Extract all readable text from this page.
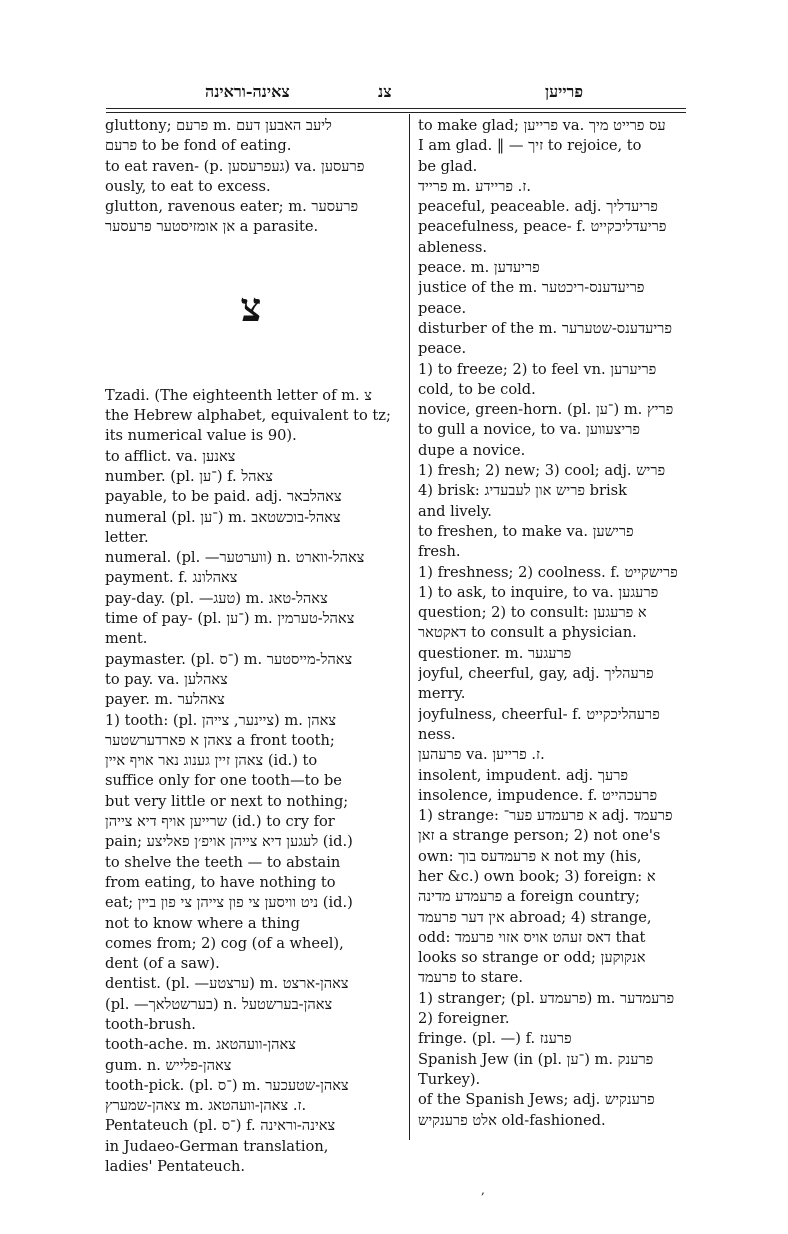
צאינה-וראינה	צנ	פרייען
gluttony; פרעם m. ליעב האבען דעם
פרעם to be fond of eating.
to eat raven- (p. געפרעסען) va. פרעסען
ously, to eat to excess.
glutton, ravenous eater; m. פרעסער
אן אומזיסטער פרעסער a parasite.
צ
Tzadi. (The eighteenth letter of m. צ
the Hebrew alphabet, equivalent to tz;
its numerical value is 90).
to afflict. va. צאנען
number. (pl. ־ען) f. צאהל
payable, to be paid. adj. צאהלבאר
numeral (pl. ־ען) m. צאהל-בוכשטאב
letter.
numeral. (pl. —ווערטער) n. צאהל-ווארט
payment. f. צאהלונג
pay-day. (pl. —טעג) m. צאהל-טאג
time of pay- (pl. ־ען) m. צאהל-טערמין
ment.
paymaster. (pl. ־ס) m. צאהל-מייסטער
to pay. va. צאהלען
payer. m. צאהלער
1) tooth: (pl. ציינער, צייהן) m. צאהן
צאהן א פארדערשטער a front tooth;
צאהן זיין גענוג נאר אויף איין (id.) to
suffice only for one tooth—to be
but very little or next to nothing;
שרייען אויף דיא צייהן (id.) to cry for
pain; לעגען דיא צייהן אויפ׳ן פאליצע (id.)
to shelve the teeth — to abstain
from eating, to have nothing to
eat; ניט וויסען צי פון צייהן צי פון ביין (id.)
not to know where a thing
comes from; 2) cog (of a wheel),
dent (of a saw).
dentist. (pl. —ערצטע) m. צאהן-ארצט
(pl. —בערשטלאך) n. צאהן-בערשטעל
tooth-brush.
tooth-ache. m. צאהן-וועהטאג
gum. n. צאהן-פלייש
tooth-pick. (pl. ־ס) m. צאהן-שטעכער
צאהן-שמערץ m. ז. צאהן-וועהטאג.
Pentateuch (pl. ־ס) f. צאינה-וראינה
in Judaeo-German translation,
ladies' Pentateuch.
to make glad; פרייען va. עס פרייט מיך
I am glad. ‖ — זיך to rejoice, to
be glad.
פרייד m. ז. פריידע.
peaceful, peaceable. adj. פריעדליך
peacefulness, peace- f. פריעדליכקייט
ableness.
peace. m. פריעדען
justice of the m. פריעדענס-ריכטער
peace.
disturber of the m. פריעדענס-שטערער
peace.
1) to freeze; 2) to feel vn. פריערען
cold, to be cold.
novice, green-horn. (pl. ־ען) m. פריץ
to gull a novice, to va. פריצעווען
dupe a novice.
1) fresh; 2) new; 3) cool; adj. פריש
4) brisk: פריש און לעבעדיג brisk
and lively.
to freshen, to make va. פרישען
fresh.
1) freshness; 2) coolness. f. פרישקייט
1) to ask, to inquire, to va. פרעגען
question; 2) to consult: א פרעגען
דאקטאר to consult a physician.
questioner. m. פרעגער
joyful, cheerful, gay, adj. פרעהליך
merry.
joyfulness, cheerful- f. פרעהליכקייט
ness.
פרעהען va. ז. פרייען.
insolent, impudent. adj. פרעך
insolence, impudence. f. פרעכהייט
1) strange: א פרעמדע פער־ adj. פרעמד
זאן a strange person; 2) not one's
own: א פרעמדעס בוך not my (his,
her &c.) own book; 3) foreign: א
פרעמדע מדינה a foreign country;
אין דער פרעמד abroad; 4) strange,
odd: דאס זעהט אויס אזוי פרעמד that
looks so strange or odd; אנקוקען
פרעמד to stare.
1) stranger; (pl. פרעמדע) m. פרעמדער
2) foreigner.
fringe. (pl. —) f. פרענז
Spanish Jew (in (pl. ־ען) m. פרענק
Turkey).
of the Spanish Jews; adj. פרענקיש
אלט פרענקיש old-fashioned.
,
